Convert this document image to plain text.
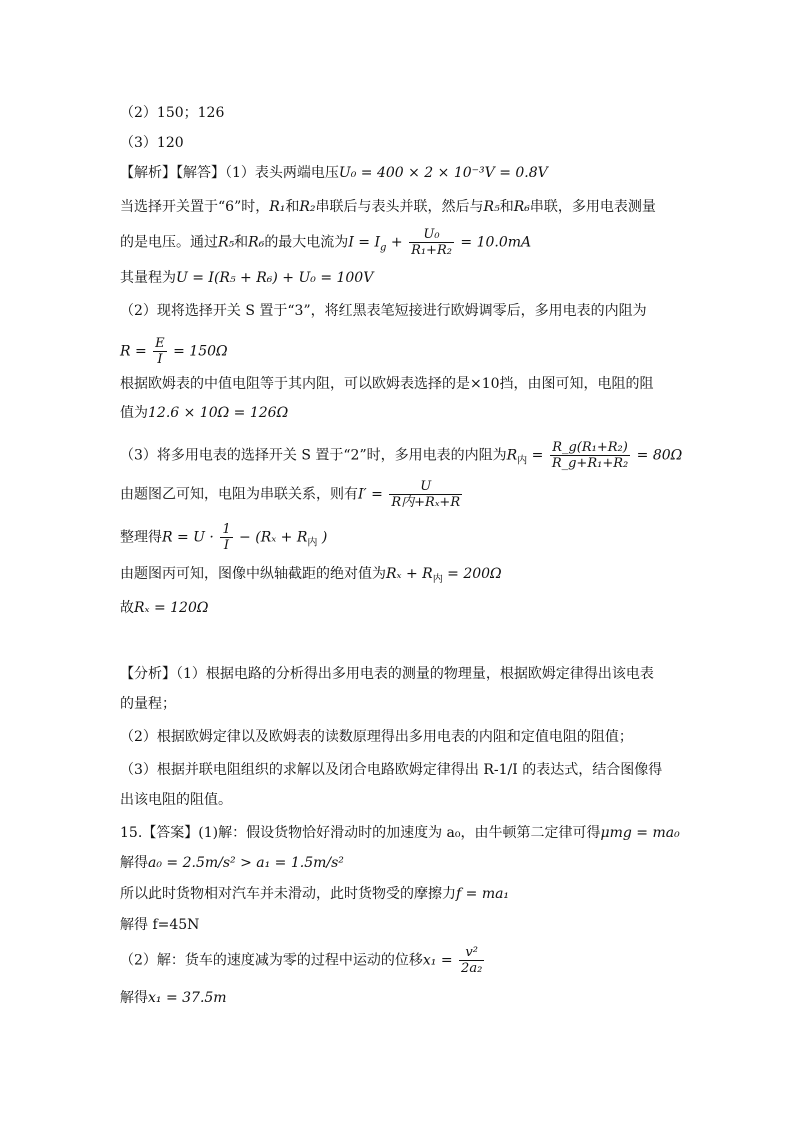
（2）150；126
（3）120
【解析】【解答】（1）表头两端电压U₀ = 400 × 2 × 10⁻³V = 0.8V
当选择开关置于“6”时，R₁和R₂串联后与表头并联，然后与R₅和R₆串联，多用电表测量
的是电压。通过R₅和R₆的最大电流为$I = I_g + \frac{\text{U₀}}{\text{R₁+R₂}} = 10.0mA$
其量程为U = I(R₅ + R₆) + U₀ = 100V
（2）现将选择开关 S 置于“3”，将红黑表笔短接进行欧姆调零后，多用电表的内阻为
$R = \frac{E}{I} = 150\Omega$
根据欧姆表的中值电阻等于其内阻，可以欧姆表选择的是×10挡，由图可知，电阻的阻
值为12.6 × 10Ω = 126Ω
（3）将多用电表的选择开关 S 置于“2”时，多用电表的内阻为$R_内 = \frac{\text{R\_g(R₁+R₂)}}{\text{R\_g+R₁+R₂}} = 80\Omega$
由题图乙可知，电阻为串联关系，则有$I' = \frac{U}{\text{R内+Rₓ+R}}$
整理得$R = U \cdot \frac{1}{I} - (R_x + R_内$ )
由题图丙可知，图像中纵轴截距的绝对值为$R_x + R_内 = 200\Omega$
故Rₓ = 120Ω
【分析】（1）根据电路的分析得出多用电表的测量的物理量，根据欧姆定律得出该电表
的量程；
（2）根据欧姆定律以及欧姆表的读数原理得出多用电表的内阻和定值电阻的阻值；
（3）根据并联电阻组织的求解以及闭合电路欧姆定律得出 R-1/I 的表达式，结合图像得
出该电阻的阻值。
15.【答案】(1)解：假设货物恰好滑动时的加速度为 a₀，由牛顿第二定律可得μmg = ma₀
解得a₀ = 2.5m/s² > a₁ = 1.5m/s²
所以此时货物相对汽车并未滑动，此时货物受的摩擦力f = ma₁
解得 f=45N
（2）解：货车的速度减为零的过程中运动的位移$x_1 = \frac{\text{v²}}{\text{2a₂}}$
解得x₁ = 37.5m
